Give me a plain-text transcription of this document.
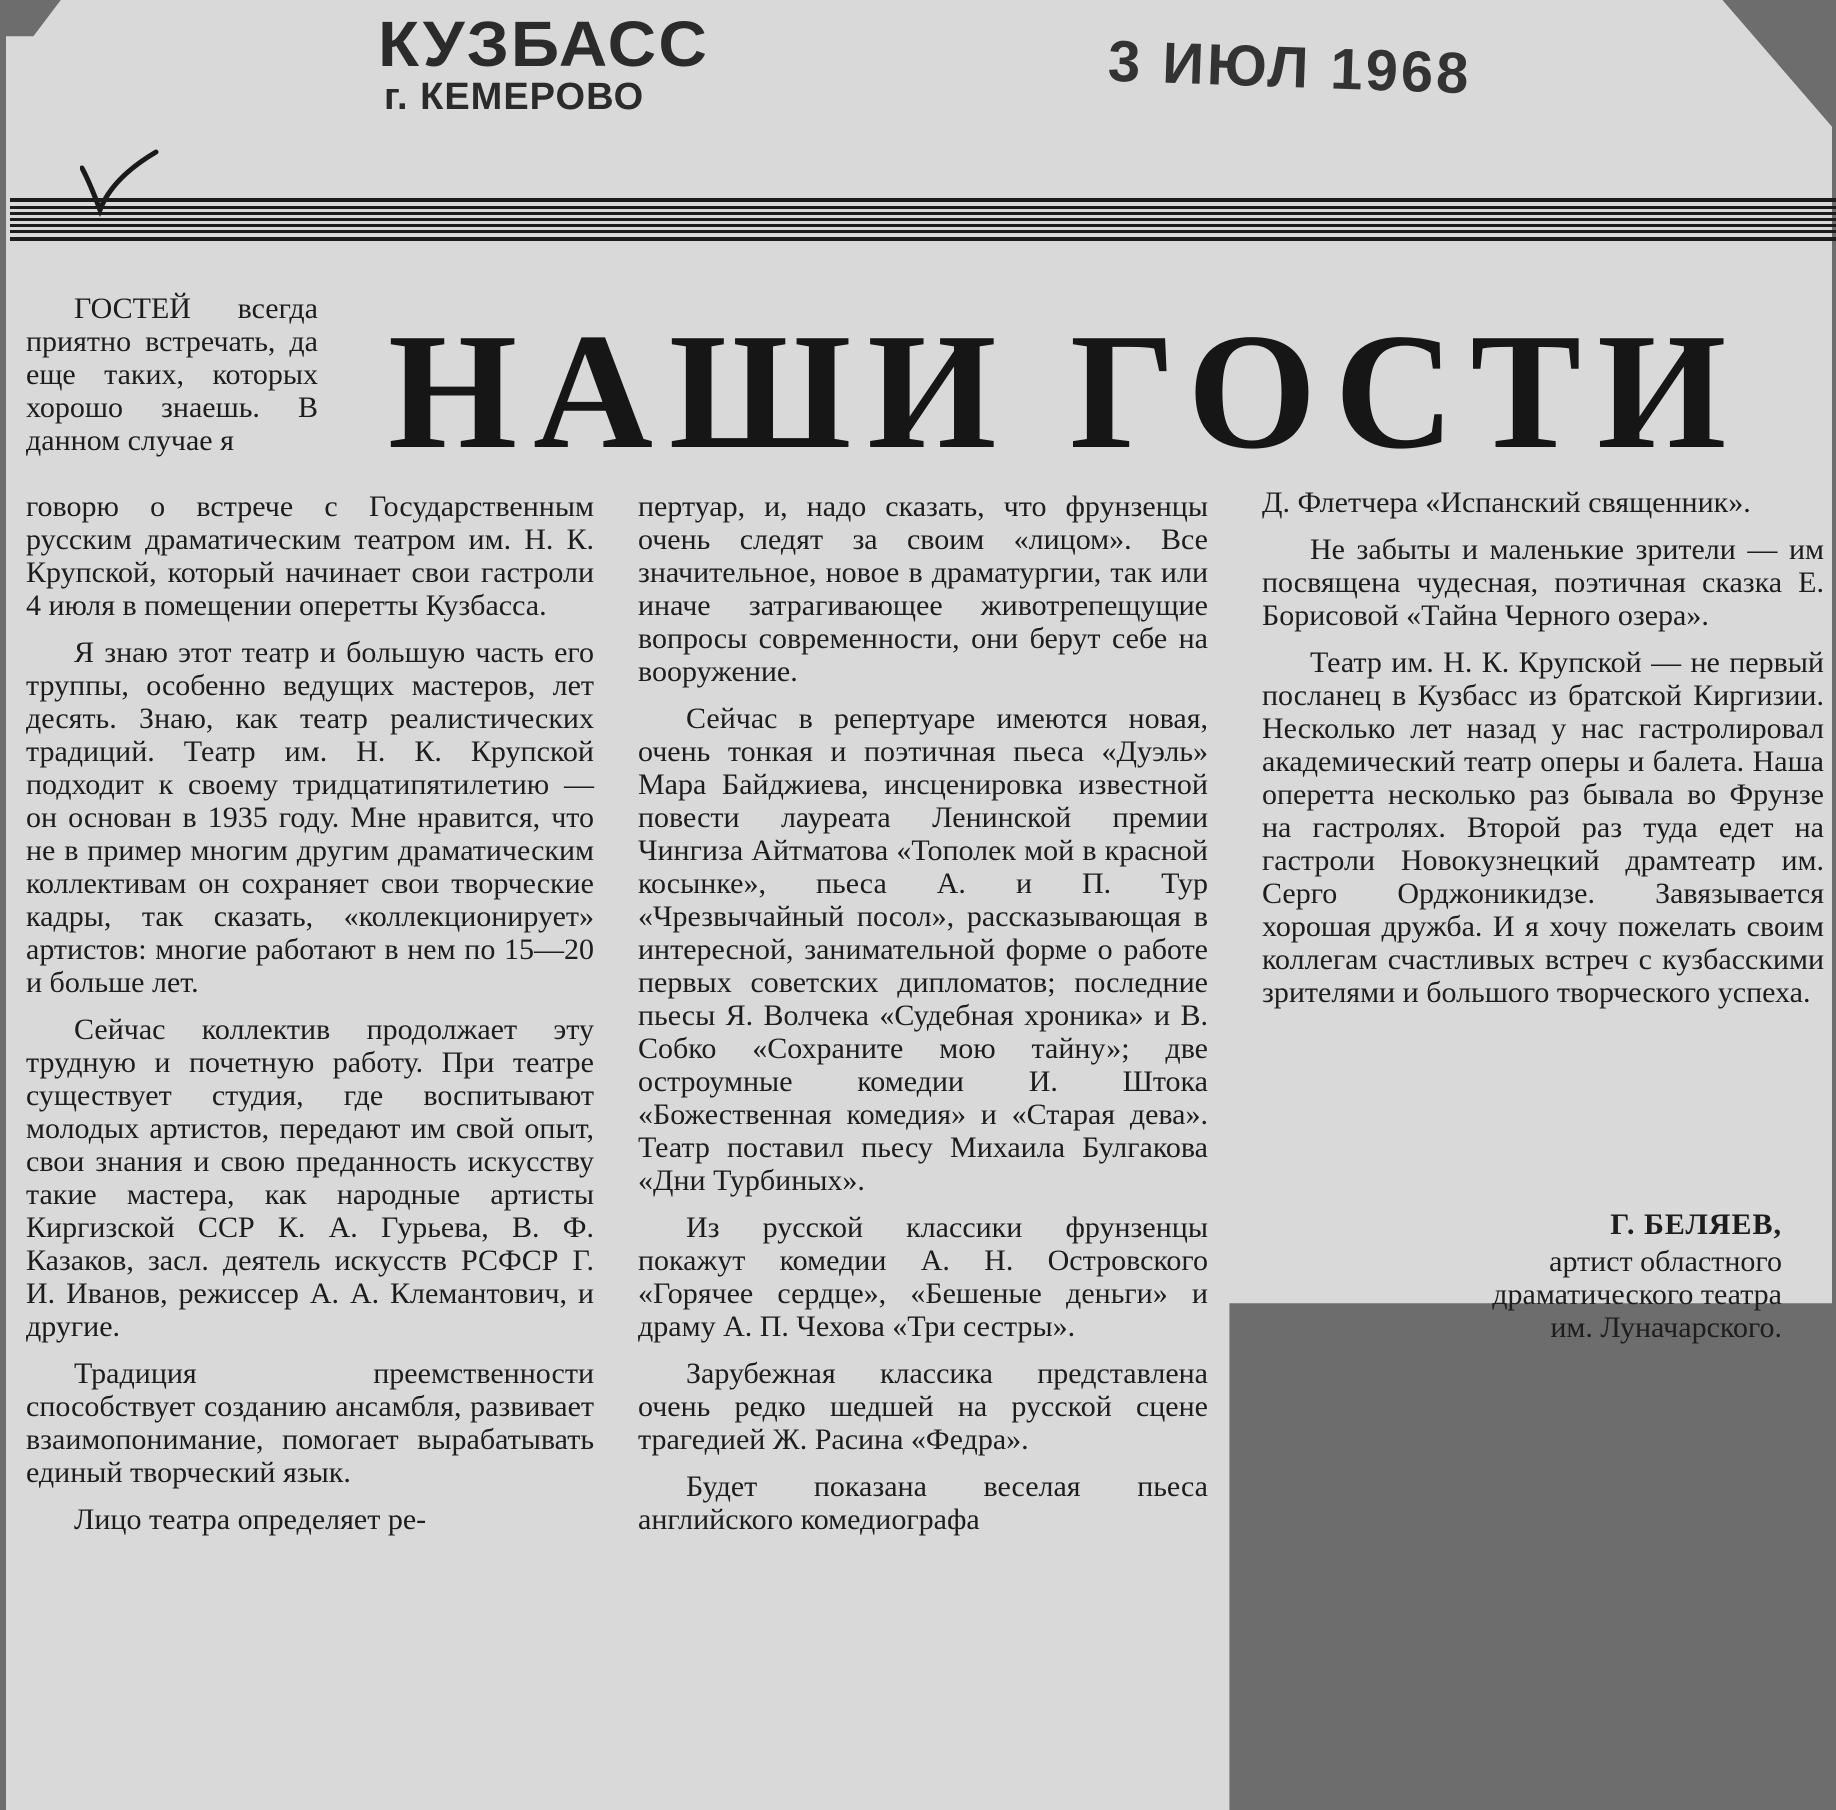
КУЗБАСС
г. КЕМЕРОВО	3 ИЮЛ 1968
НАШИ ГОСТИ

ГОСТЕЙ всегда приятно встречать, да еще таких, которых хорошо знаешь. В данном случае я

говорю о встрече с Государственным русским драматическим театром им. Н. К. Крупской, который начинает свои гастроли 4 июля в помещении оперетты Кузбасса.

Я знаю этот театр и большую часть его труппы, особенно ведущих мастеров, лет десять. Знаю, как театр реалистических традиций. Театр им. Н. К. Крупской подходит к своему тридцатипятилетию — он основан в 1935 году. Мне нравится, что не в пример многим другим драматическим коллективам он сохраняет свои творческие кадры, так сказать, «коллекционирует» артистов: многие работают в нем по 15—20 и больше лет.

Сейчас коллектив продолжает эту трудную и почетную работу. При театре существует студия, где воспитывают молодых артистов, передают им свой опыт, свои знания и свою преданность искусству такие мастера, как народные артисты Киргизской ССР К. А. Гурьева, В. Ф. Казаков, засл. деятель искусств РСФСР Г. И. Иванов, режиссер А. А. Клемантович, и другие.

Традиция преемственности способствует созданию ансамбля, развивает взаимопонимание, помогает вырабатывать единый творческий язык.

Лицо театра определяет ре-

пертуар, и, надо сказать, что фрунзенцы очень следят за своим «лицом». Все значительное, новое в драматургии, так или иначе затрагивающее животрепещущие вопросы современности, они берут себе на вооружение.

Сейчас в репертуаре имеются новая, очень тонкая и поэтичная пьеса «Дуэль» Мара Байджиева, инсценировка известной повести лауреата Ленинской премии Чингиза Айтматова «Тополек мой в красной косынке», пьеса А. и П. Тур «Чрезвычайный посол», рассказывающая в интересной, занимательной форме о работе первых советских дипломатов; последние пьесы Я. Волчека «Судебная хроника» и В. Собко «Сохраните мою тайну»; две остроумные комедии И. Штока «Божественная комедия» и «Старая дева». Театр поставил пьесу Михаила Булгакова «Дни Турбиных».

Из русской классики фрунзенцы покажут комедии А. Н. Островского «Горячее сердце», «Бешеные деньги» и драму А. П. Чехова «Три сестры».

Зарубежная классика представлена очень редко шедшей на русской сцене трагедией Ж. Расина «Федра».

Будет показана веселая пьеса английского комедиографа

Д. Флетчера «Испанский священник».

Не забыты и маленькие зрители — им посвящена чудесная, поэтичная сказка Е. Борисовой «Тайна Черного озера».

Театр им. Н. К. Крупской — не первый посланец в Кузбасс из братской Киргизии. Несколько лет назад у нас гастролировал академический театр оперы и балета. Наша оперетта несколько раз бывала во Фрунзе на гастролях. Второй раз туда едет на гастроли Новокузнецкий драмтеатр им. Серго Орджоникидзе. Завязывается хорошая дружба. И я хочу пожелать своим коллегам счастливых встреч с кузбасскими зрителями и большого творческого успеха.

Г. БЕЛЯЕВ,
артист областного
драматического театра
им. Луначарского.
